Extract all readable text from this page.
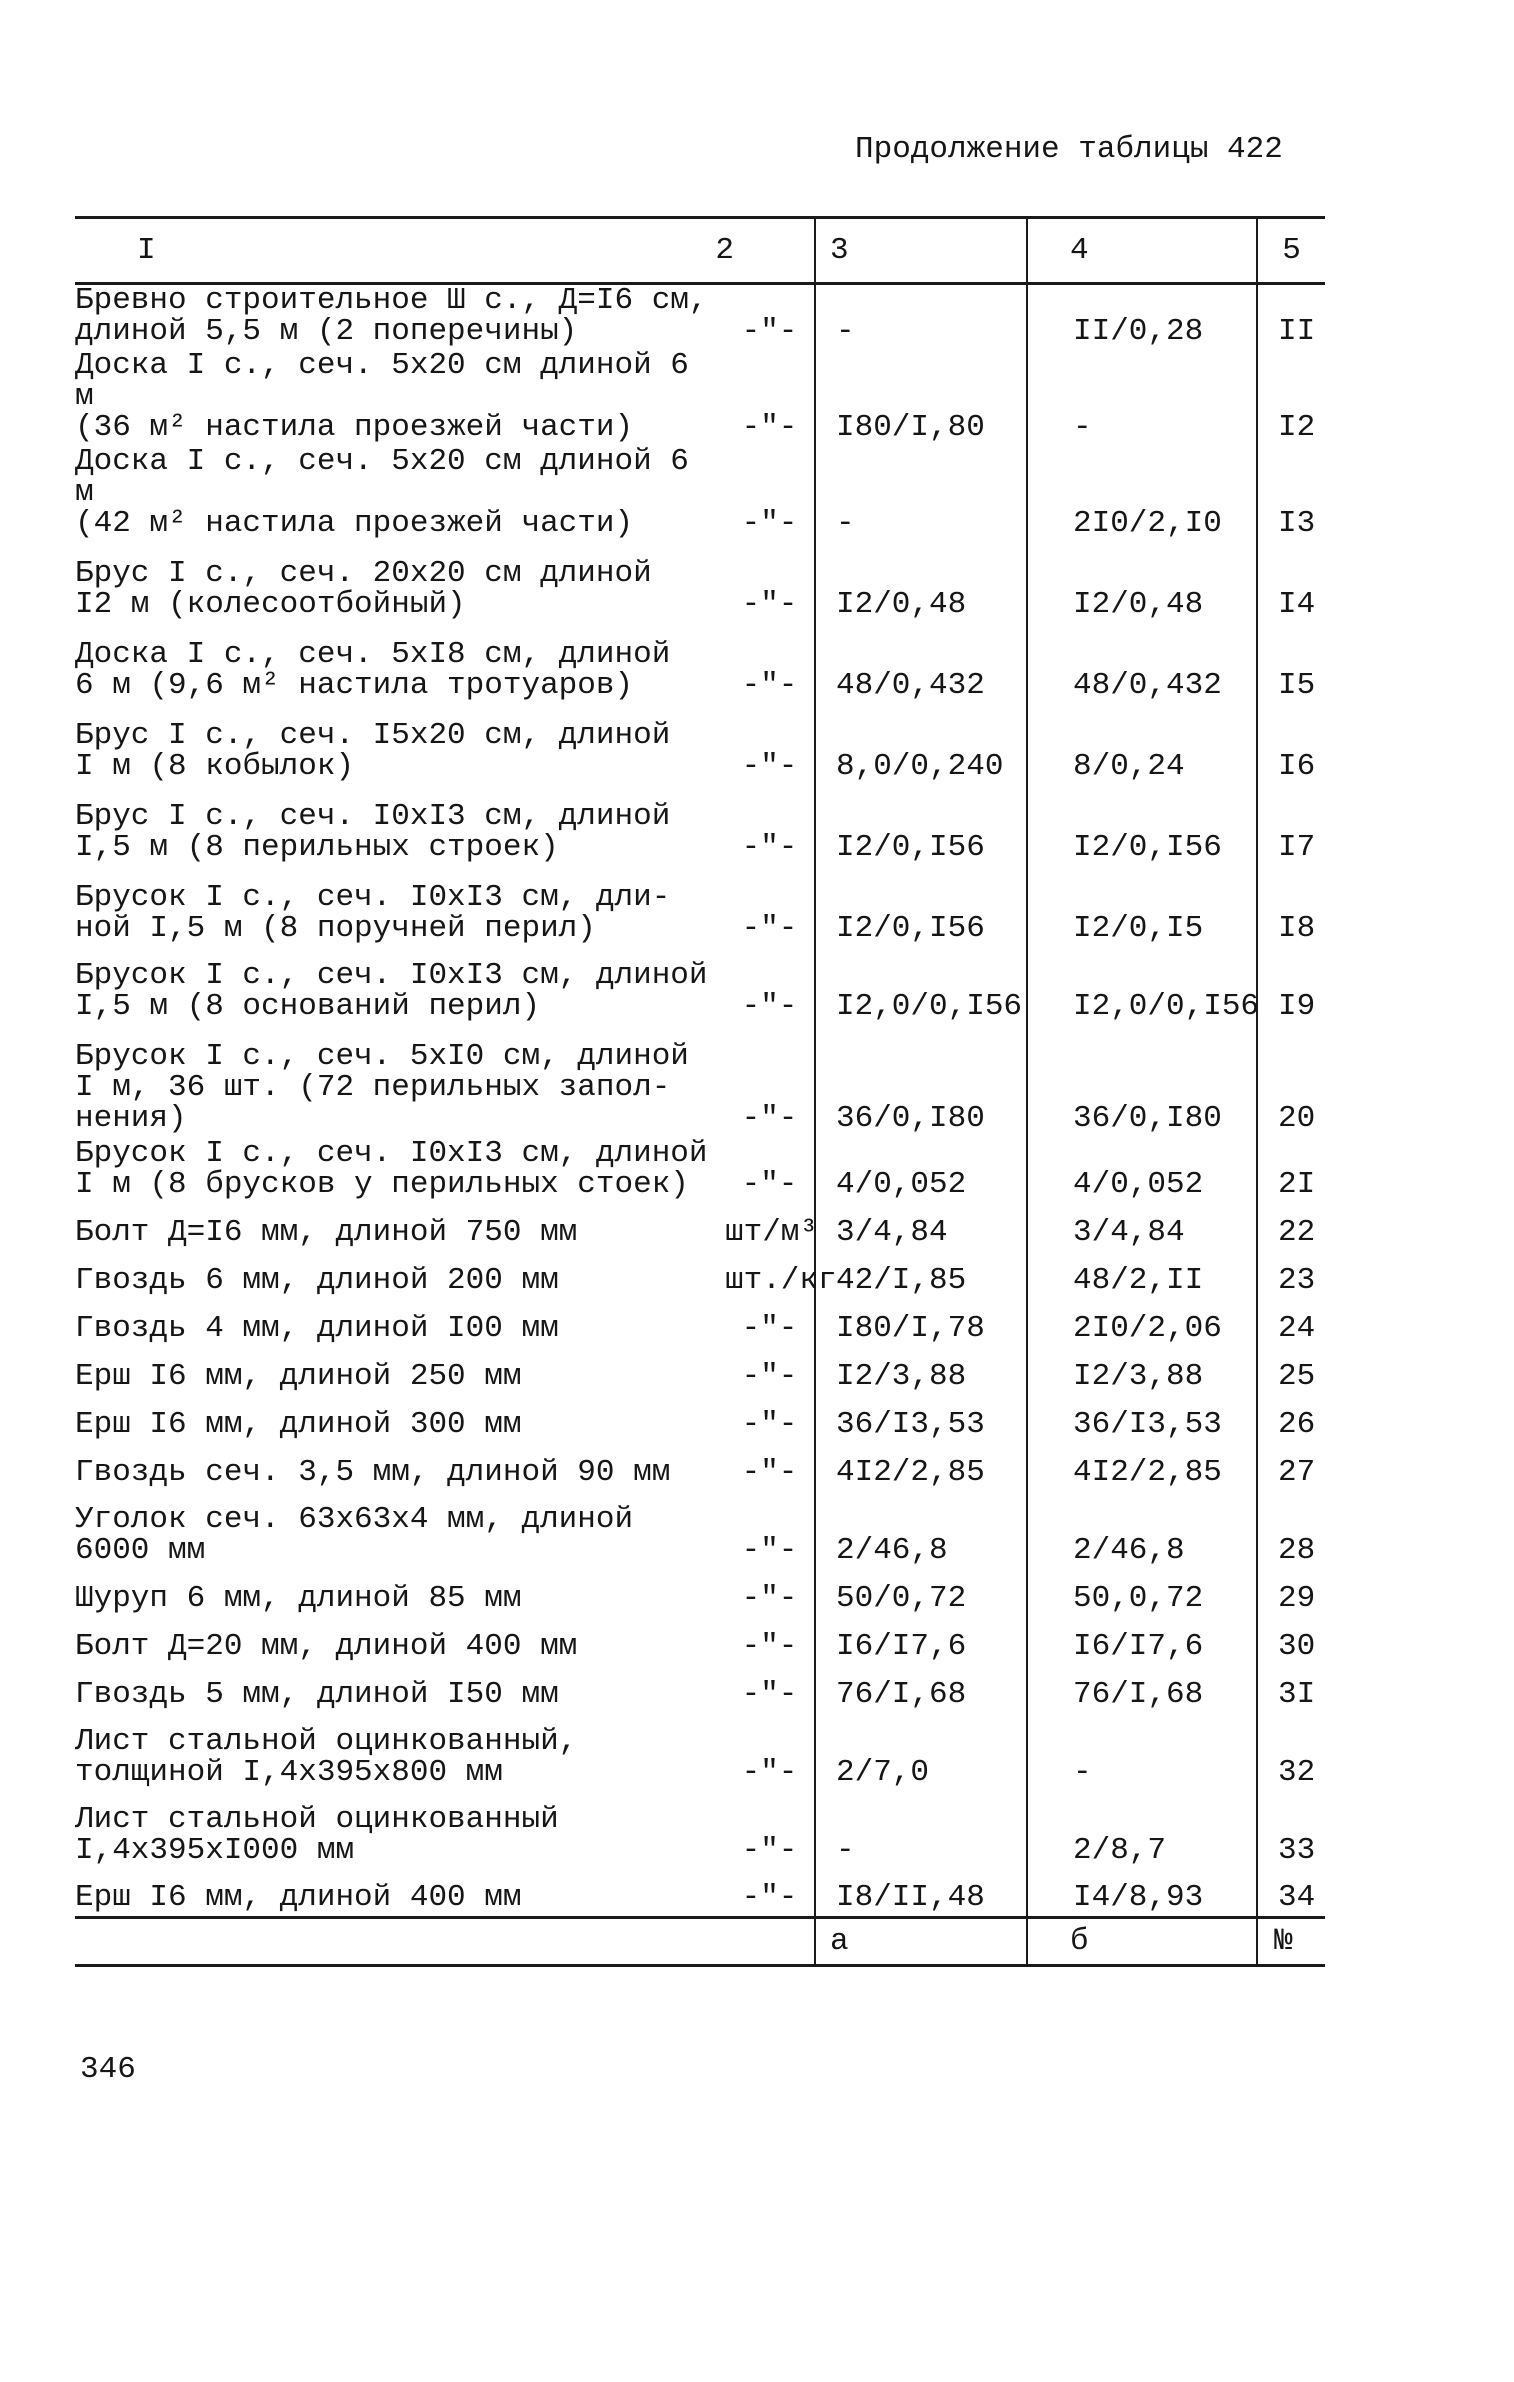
Продолжение таблицы 422
I 2		3	4	5
Бревно строительное Ш с., Д=I6 см,
длиной 5,5 м (2 поперечины)	-"-	-	II/0,28	II
Доска I с., сеч. 5х20 см длиной 6 м
(36 м² настила проезжей части)	-"-	I80/I,80	-	I2
Доска I с., сеч. 5х20 см длиной 6 м
(42 м² настила проезжей части)	-"-	-	2I0/2,I0	I3
Брус I с., сеч. 20х20 см длиной
I2 м (колесоотбойный)	-"-	I2/0,48	I2/0,48	I4
Доска I с., сеч. 5хI8 см, длиной
6 м (9,6 м² настила тротуаров)	-"-	48/0,432	48/0,432	I5
Брус I с., сеч. I5х20 см, длиной
I м (8 кобылок)	-"-	8,0/0,240	8/0,24	I6
Брус I с., сеч. I0хI3 см, длиной
I,5 м (8 перильных строек)	-"-	I2/0,I56	I2/0,I56	I7
Брусок I с., сеч. I0хI3 см, дли-
ной I,5 м (8 поручней перил)	-"-	I2/0,I56	I2/0,I5	I8
Брусок I с., сеч. I0хI3 см, длиной
I,5 м (8 оснований перил)	-"-	I2,0/0,I56	I2,0/0,I56	I9
Брусок I с., сеч. 5хI0 см, длиной
I м, 36 шт. (72 перильных запол-
нения)	-"-	36/0,I80	36/0,I80	20
Брусок I с., сеч. I0хI3 см, длиной
I м (8 брусков у перильных стоек)	-"-	4/0,052	4/0,052	2I
Болт Д=I6 мм, длиной 750 мм	шт/м³	3/4,84	3/4,84	22
Гвоздь 6 мм, длиной 200 мм	шт./кг	42/I,85	48/2,II	23
Гвоздь 4 мм, длиной I00 мм	-"-	I80/I,78	2I0/2,06	24
Ерш I6 мм, длиной 250 мм	-"-	I2/3,88	I2/3,88	25
Ерш I6 мм, длиной 300 мм	-"-	36/I3,53	36/I3,53	26
Гвоздь сеч. 3,5 мм, длиной 90 мм	-"-	4I2/2,85	4I2/2,85	27
Уголок сеч. 63х63х4 мм, длиной
6000 мм	-"-	2/46,8	2/46,8	28
Шуруп 6 мм, длиной 85 мм	-"-	50/0,72	50,0,72	29
Болт Д=20 мм, длиной 400 мм	-"-	I6/I7,6	I6/I7,6	30
Гвоздь 5 мм, длиной I50 мм	-"-	76/I,68	76/I,68	3I
Лист стальной оцинкованный,
толщиной I,4х395х800 мм	-"-	2/7,0	-	32
Лист стальной оцинкованный
I,4х395хI000 мм	-"-	-	2/8,7	33
Ерш I6 мм, длиной 400 мм	-"-	I8/II,48	I4/8,93	34
		а	б	№
346
